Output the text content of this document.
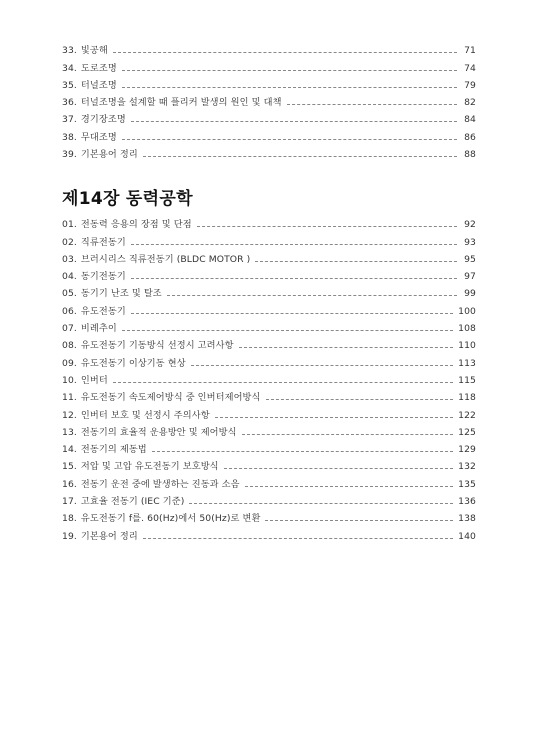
33. 빛공해	71
34. 도로조명	74
35. 터널조명	79
36. 터널조명을 설계할 때 플리커 발생의 원인 및 대책	82
37. 경기장조명	84
38. 무대조명	86
39. 기본용어 정리	88
제14장 동력공학
01. 전동력 응용의 장점 및 단점	92
02. 직류전동기	93
03. 브러시리스 직류전동기 (BLDC MOTOR )	95
04. 동기전동기	97
05. 동기기 난조 및 탈조	99
06. 유도전동기	100
07. 비례추이	108
08. 유도전동기 기동방식 선정시 고려사항	110
09. 유도전동기 이상기동 현상	113
10. 인버터	115
11. 유도전동기 속도제어방식 중 인버터제어방식	118
12. 인버터 보호 및 선정시 주의사항	122
13. 전동기의 효율적 운용방안 및 제어방식	125
14. 전동기의 제동법	129
15. 저압 및 고압 유도전동기 보호방식	132
16. 전동기 운전 중에 발생하는 진동과 소음	135
17. 고효율 전동기 (IEC 기준)	136
18. 유도전동기 f를. 60(Hz)에서 50(Hz)로 변환	138
19. 기본용어 정리	140
